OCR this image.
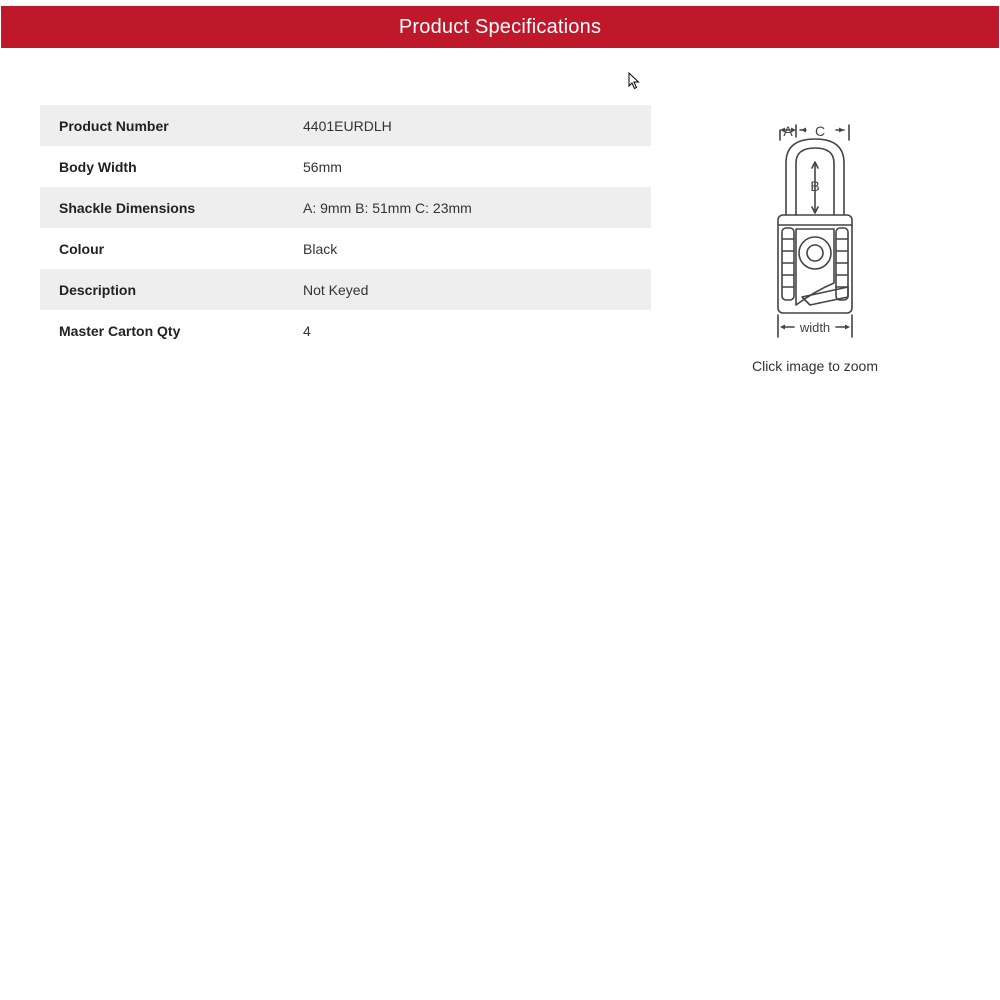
Product Specifications
Product Number	4401EURDLH
Body Width	56mm
Shackle Dimensions	A: 9mm B: 51mm C: 23mm
Colour	Black
Description	Not Keyed
Master Carton Qty	4
A C
B
width
Click image to zoom
